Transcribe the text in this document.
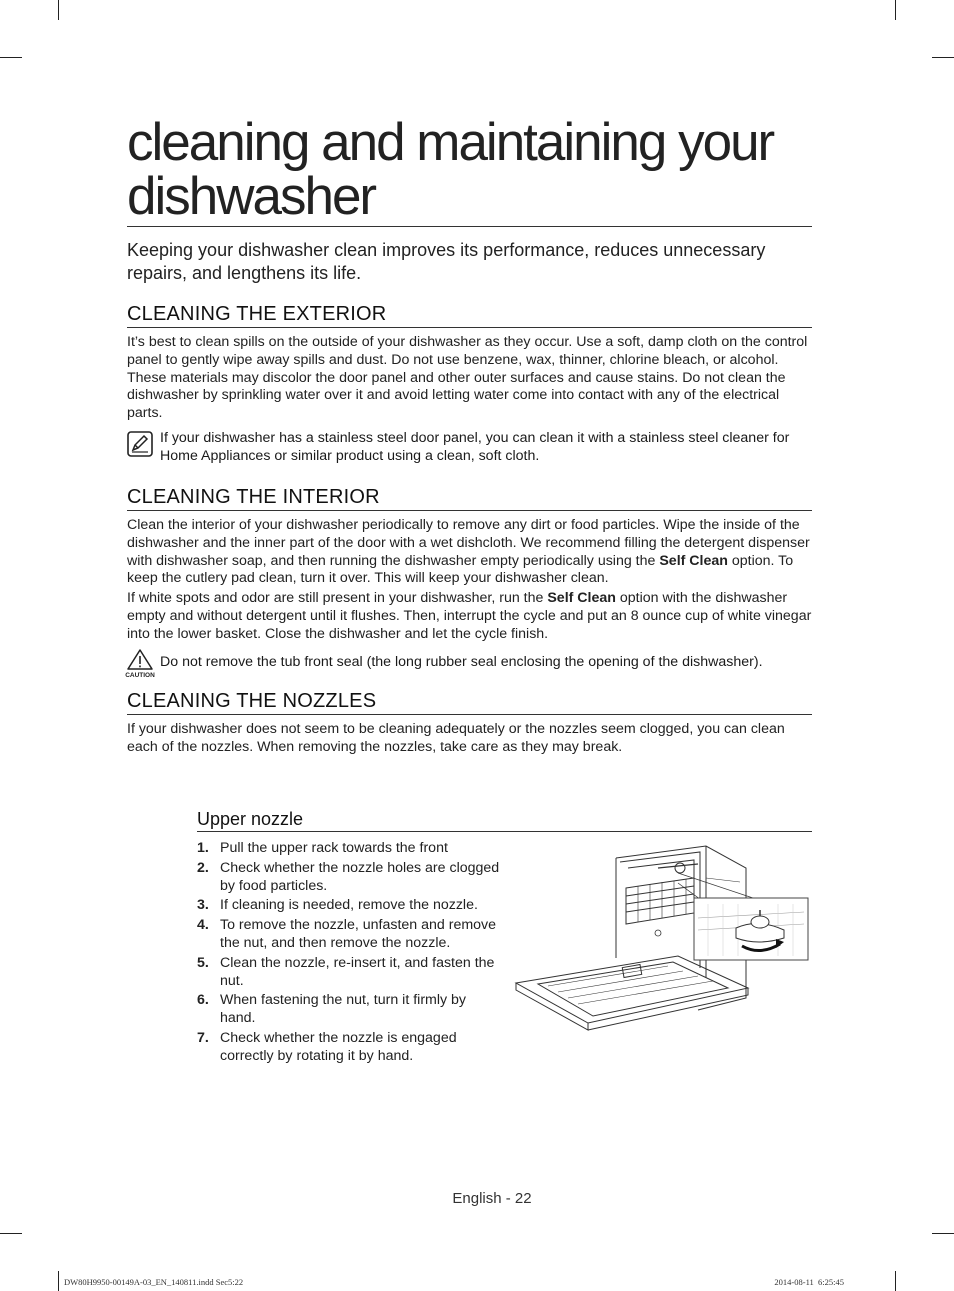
cleaning and maintaining your dishwasher

Keeping your dishwasher clean improves its performance, reduces unnecessary repairs, and lengthens its life.

CLEANING THE EXTERIOR

It’s best to clean spills on the outside of your dishwasher as they occur. Use a soft, damp cloth on the control panel to gently wipe away spills and dust. Do not use benzene, wax, thinner, chlorine bleach, or alcohol. These materials may discolor the door panel and other outer surfaces and cause stains. Do not clean the dishwasher by sprinkling water over it and avoid letting water come into contact with any of the electrical parts.

If your dishwasher has a stainless steel door panel, you can clean it with a stainless steel cleaner for Home Appliances or similar product using a clean, soft cloth.
CLEANING THE INTERIOR

Clean the interior of your dishwasher periodically to remove any dirt or food particles. Wipe the inside of the dishwasher and the inner part of the door with a wet dishcloth. We recommend filling the detergent dispenser with dishwasher soap, and then running the dishwasher empty periodically using the Self Clean option. To keep the cutlery pad clean, turn it over. This will keep your dishwasher clean.

If white spots and odor are still present in your dishwasher, run the Self Clean option with the dishwasher empty and without detergent until it flushes. Then, interrupt the cycle and put an 8 ounce cup of white vinegar into the lower basket. Close the dishwasher and let the cycle finish.

CAUTION
Do not remove the tub front seal (the long rubber seal enclosing the opening of the dishwasher).
CLEANING THE NOZZLES

If your dishwasher does not seem to be cleaning adequately or the nozzles seem clogged, you can clean each of the nozzles. When removing the nozzles, take care as they may break.

Upper nozzle
1. Pull the upper rack towards the front
2. Check whether the nozzle holes are clogged by food particles.
3. If cleaning is needed, remove the nozzle.
4. To remove the nozzle, unfasten and remove the nut, and then remove the nozzle.
5. Clean the nozzle, re-insert it, and fasten the nut.
6. When fastening the nut, turn it firmly by hand.
7. Check whether the nozzle is engaged correctly by rotating it by hand.
English - 22
DW80H9950-00149A-03_EN_140811.indd Sec5:22	2014-08-11 ⁠ 6:25:45
